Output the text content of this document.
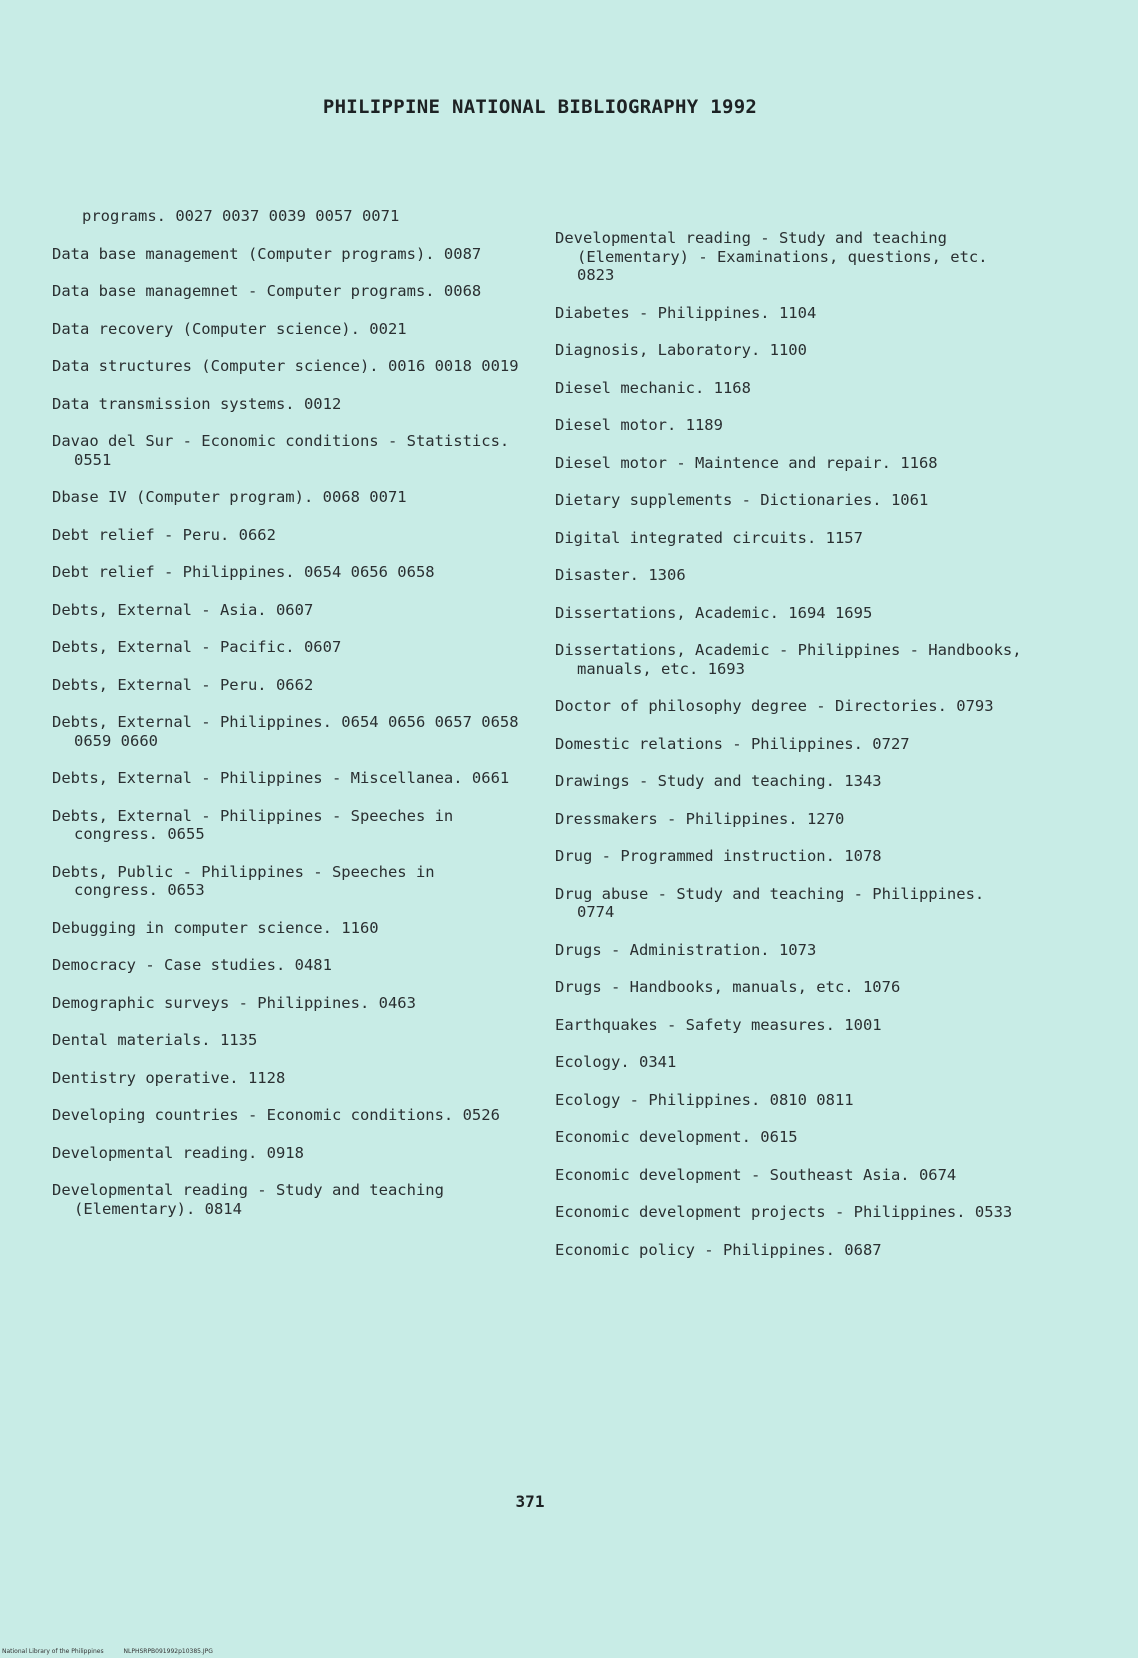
PHILIPPINE NATIONAL BIBLIOGRAPHY 1992
programs. 0027 0037 0039 0057 0071
Data base management (Computer programs). 0087
Data base managemnet - Computer programs. 0068
Data recovery (Computer science). 0021
Data structures (Computer science). 0016 0018 0019
Data transmission systems. 0012
Davao del Sur - Economic conditions - Statistics. 0551
Dbase IV (Computer program). 0068 0071
Debt relief - Peru. 0662
Debt relief - Philippines. 0654 0656 0658
Debts, External - Asia. 0607
Debts, External - Pacific. 0607
Debts, External - Peru. 0662
Debts, External - Philippines. 0654 0656 0657 0658 0659 0660
Debts, External - Philippines - Miscellanea. 0661
Debts, External - Philippines - Speeches in congress. 0655
Debts, Public - Philippines - Speeches in congress. 0653
Debugging in computer science. 1160
Democracy - Case studies. 0481
Demographic surveys - Philippines. 0463
Dental materials. 1135
Dentistry operative. 1128
Developing countries - Economic conditions. 0526
Developmental reading. 0918
Developmental reading - Study and teaching (Elementary). 0814
Developmental reading - Study and teaching (Elementary) - Examinations, questions, etc. 0823
Diabetes - Philippines. 1104
Diagnosis, Laboratory. 1100
Diesel mechanic. 1168
Diesel motor. 1189
Diesel motor - Maintence and repair. 1168
Dietary supplements - Dictionaries. 1061
Digital integrated circuits. 1157
Disaster. 1306
Dissertations, Academic. 1694 1695
Dissertations, Academic - Philippines - Handbooks, manuals, etc. 1693
Doctor of philosophy degree - Directories. 0793
Domestic relations - Philippines. 0727
Drawings - Study and teaching. 1343
Dressmakers - Philippines. 1270
Drug - Programmed instruction. 1078
Drug abuse - Study and teaching - Philippines. 0774
Drugs - Administration. 1073
Drugs - Handbooks, manuals, etc. 1076
Earthquakes - Safety measures. 1001
Ecology. 0341
Ecology - Philippines. 0810 0811
Economic development. 0615
Economic development - Southeast Asia. 0674
Economic development projects - Philippines. 0533
Economic policy - Philippines. 0687
371
National Library of the Philippines	NLPHSRPB091992p10385.JPG
